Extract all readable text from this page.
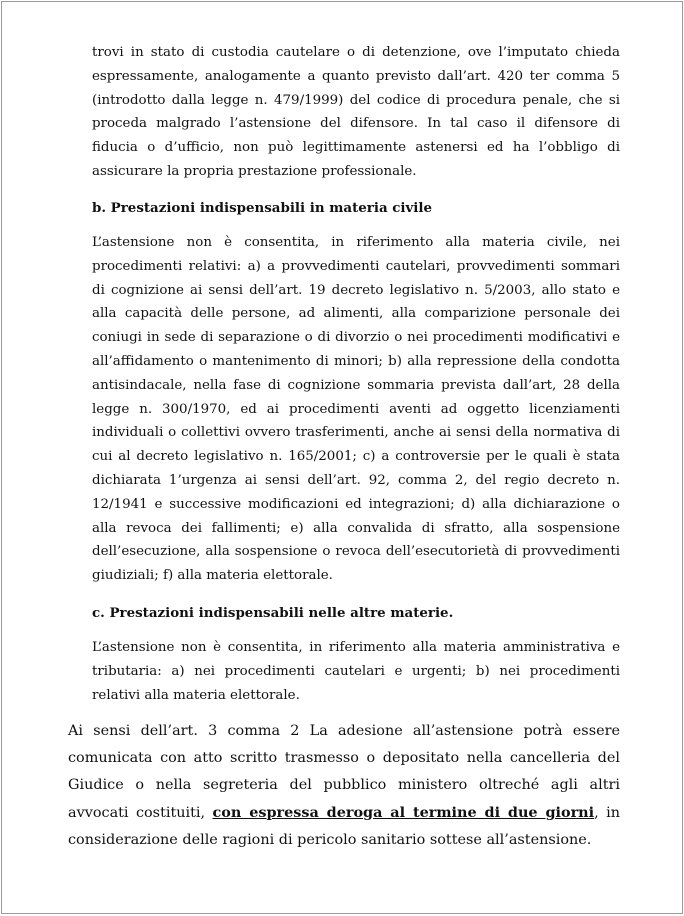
trovi in stato di custodia cautelare o di detenzione, ove l’imputato chieda espressamente, analogamente a quanto previsto dall’art. 420 ter comma 5 (introdotto dalla legge n. 479/1999) del codice di procedura penale, che si proceda malgrado l’astensione del difensore. In tal caso il difensore di fiducia o d’ufficio, non può legittimamente astenersi ed ha l’obbligo di assicurare la propria prestazione professionale.

b. Prestazioni indispensabili in materia civile

L’astensione non è consentita, in riferimento alla materia civile, nei procedimenti relativi: a) a provvedimenti cautelari, provvedimenti sommari di cognizione ai sensi dell’art. 19 decreto legislativo n. 5/2003, allo stato e alla capacità delle persone, ad alimenti, alla comparizione personale dei coniugi in sede di separazione o di divorzio o nei procedimenti modificativi e all’affidamento o mantenimento di minori; b) alla repressione della condotta antisindacale, nella fase di cognizione sommaria prevista dall’art, 28 della legge n. 300/1970, ed ai procedimenti aventi ad oggetto licenziamenti individuali o collettivi ovvero trasferimenti, anche ai sensi della normativa di cui al decreto legislativo n. 165/2001; c) a controversie per le quali è stata dichiarata 1’urgenza ai sensi dell’art. 92, comma 2, del regio decreto n. 12/1941 e successive modificazioni ed integrazioni; d) alla dichiarazione o alla revoca dei fallimenti; e) alla convalida di sfratto, alla sospensione dell’esecuzione, alla sospensione o revoca dell’esecutorietà di provvedimenti giudiziali; f) alla materia elettorale.

c. Prestazioni indispensabili nelle altre materie.

L’astensione non è consentita, in riferimento alla materia amministrativa e tributaria: a) nei procedimenti cautelari e urgenti; b) nei procedimenti relativi alla materia elettorale.

Ai sensi dell’art. 3 comma 2 La adesione all’astensione potrà essere comunicata con atto scritto trasmesso o depositato nella cancelleria del Giudice o nella segreteria del pubblico ministero oltreché agli altri avvocati costituiti, con espressa deroga al termine di due giorni, in considerazione delle ragioni di pericolo sanitario sottese all’astensione.
